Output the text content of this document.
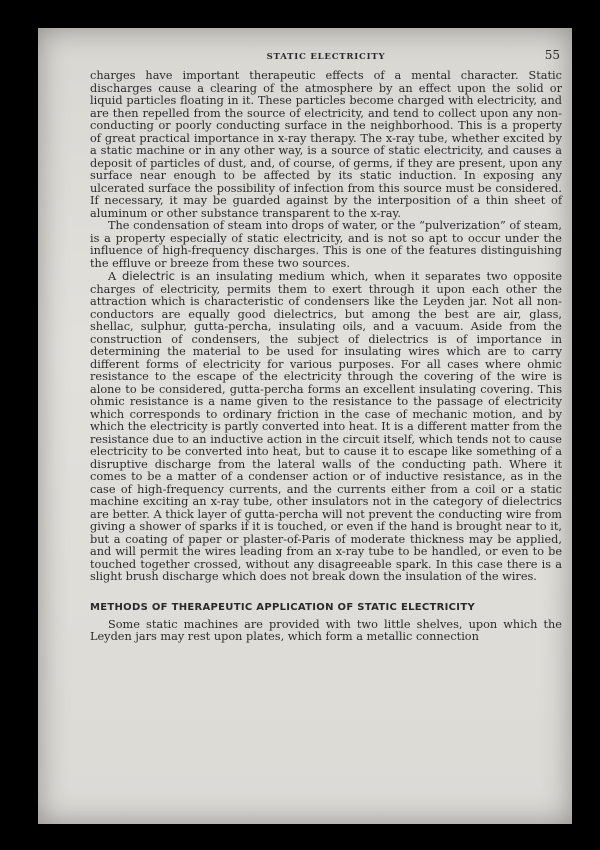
STATIC ELECTRICITY	55

charges have important therapeutic effects of a mental character. Static discharges cause a clearing of the atmosphere by an effect upon the solid or liquid particles floating in it. These particles become charged with electricity, and are then repelled from the source of electricity, and tend to collect upon any non-conducting or poorly conducting surface in the neighborhood. This is a property of great practical importance in x-ray therapy. The x-ray tube, whether excited by a static machine or in any other way, is a source of static electricity, and causes a deposit of particles of dust, and, of course, of germs, if they are present, upon any surface near enough to be affected by its static induction. In exposing any ulcerated surface the possibility of infection from this source must be considered. If necessary, it may be guarded against by the interposition of a thin sheet of aluminum or other substance transparent to the x-ray.

The condensation of steam into drops of water, or the “pulverization” of steam, is a property especially of static electricity, and is not so apt to occur under the influence of high-frequency discharges. This is one of the features distinguishing the effluve or breeze from these two sources.

A dielectric is an insulating medium which, when it separates two opposite charges of electricity, permits them to exert through it upon each other the attraction which is characteristic of condensers like the Leyden jar. Not all non-conductors are equally good dielectrics, but among the best are air, glass, shellac, sulphur, gutta-percha, insulating oils, and a vacuum. Aside from the construction of condensers, the subject of dielectrics is of importance in determining the material to be used for insulating wires which are to carry different forms of electricity for various purposes. For all cases where ohmic resistance to the escape of the electricity through the covering of the wire is alone to be considered, gutta-percha forms an excellent insulating covering. This ohmic resistance is a name given to the resistance to the passage of electricity which corresponds to ordinary friction in the case of mechanic motion, and by which the electricity is partly converted into heat. It is a different matter from the resistance due to an inductive action in the circuit itself, which tends not to cause electricity to be converted into heat, but to cause it to escape like something of a disruptive discharge from the lateral walls of the conducting path. Where it comes to be a matter of a condenser action or of inductive resistance, as in the case of high-frequency currents, and the currents either from a coil or a static machine exciting an x-ray tube, other insulators not in the category of dielectrics are better. A thick layer of gutta-percha will not prevent the conducting wire from giving a shower of sparks if it is touched, or even if the hand is brought near to it, but a coating of paper or plaster-of-Paris of moderate thickness may be applied, and will permit the wires leading from an x-ray tube to be handled, or even to be touched together crossed, without any disagreeable spark. In this case there is a slight brush discharge which does not break down the insulation of the wires.

METHODS OF THERAPEUTIC APPLICATION OF STATIC ELECTRICITY

Some static machines are provided with two little shelves, upon which the Leyden jars may rest upon plates, which form a metallic connection
